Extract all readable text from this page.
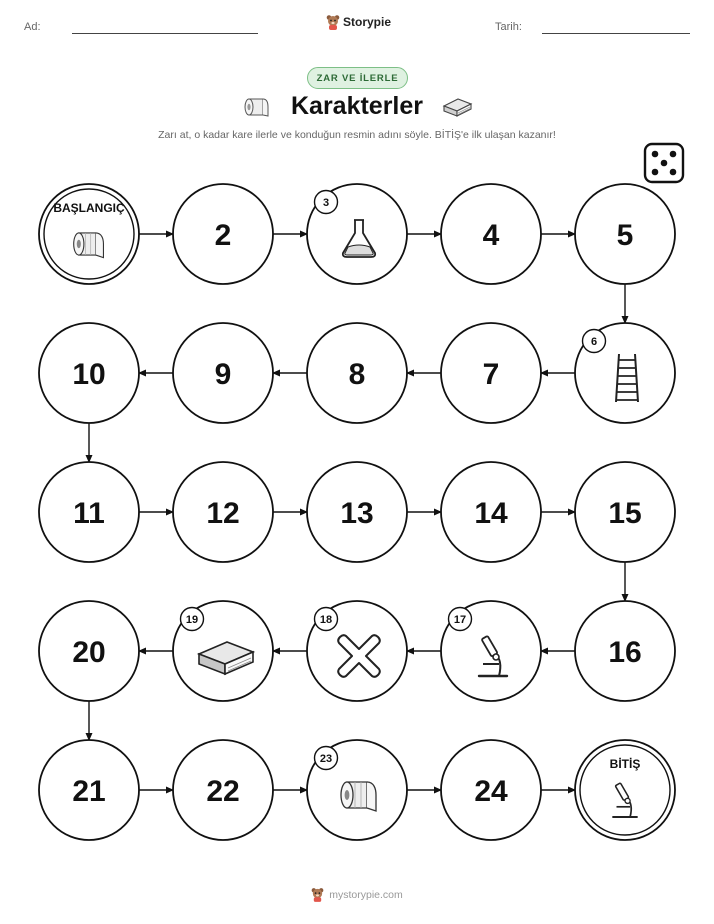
Ad:	Storypie	Tarih:
ZAR VE İLERLE
Karakterler
Zarı at, o kadar kare ilerle ve konduğun resmin adını söyle. BİTİŞ'e ilk ulaşan kazanır!
BAŞLANGIÇ
2
3
4	5
6
7
8
9
10
11	12	13	14	15
16
17
18
19
20
21	22
23
24
BİTİŞ
mystorypie.com
